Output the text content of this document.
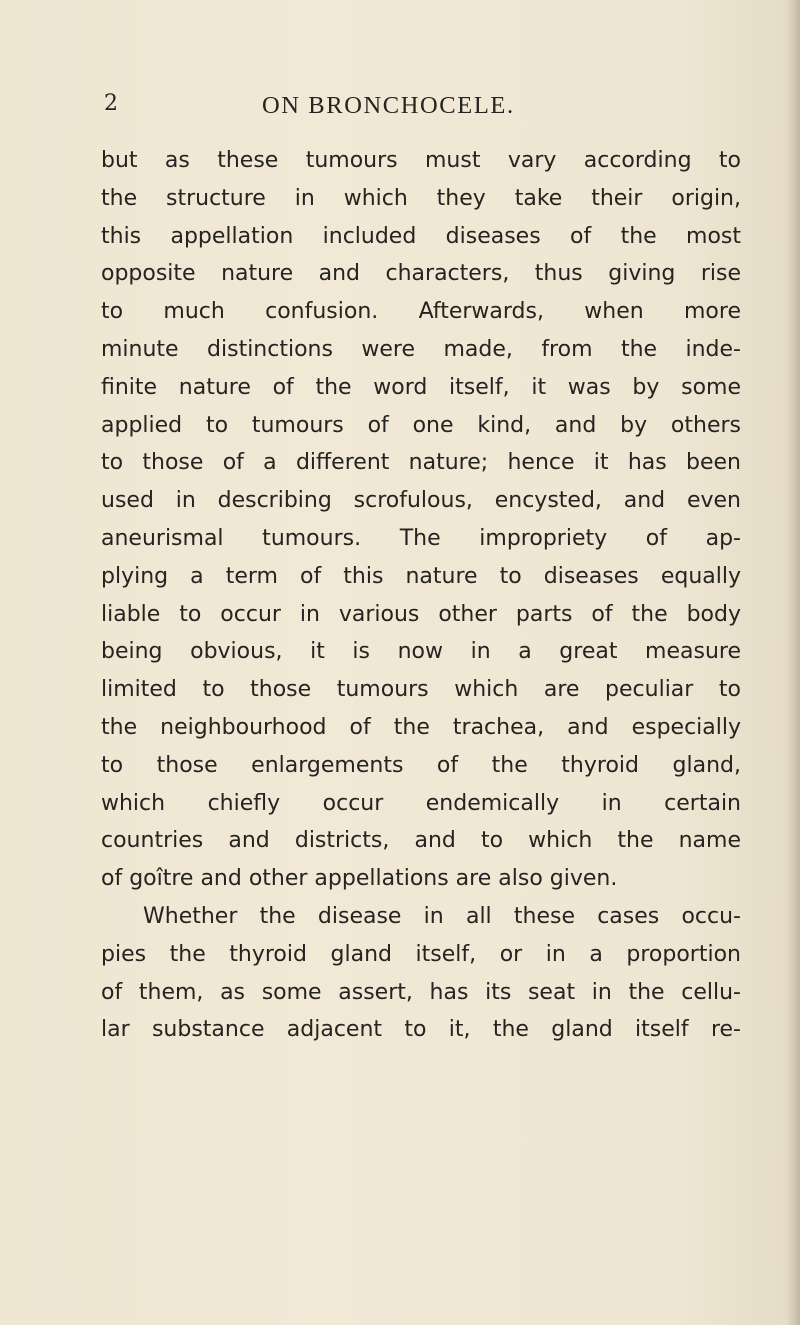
2	ON BRONCHOCELE.

but as these tumours must vary according to

the structure in which they take their origin,

this appellation included diseases of the most

opposite nature and characters, thus giving rise

to much confusion. Afterwards, when more

minute distinctions were made, from the inde-

finite nature of the word itself, it was by some

applied to tumours of one kind, and by others

to those of a different nature; hence it has been

used in describing scrofulous, encysted, and even

aneurismal tumours. The impropriety of ap-

plying a term of this nature to diseases equally

liable to occur in various other parts of the body

being obvious, it is now in a great measure

limited to those tumours which are peculiar to

the neighbourhood of the trachea, and especially

to those enlargements of the thyroid gland,

which chiefly occur endemically in certain

countries and districts, and to which the name

of goître and other appellations are also given.

Whether the disease in all these cases occu-

pies the thyroid gland itself, or in a proportion

of them, as some assert, has its seat in the cellu-

lar substance adjacent to it, the gland itself re-
